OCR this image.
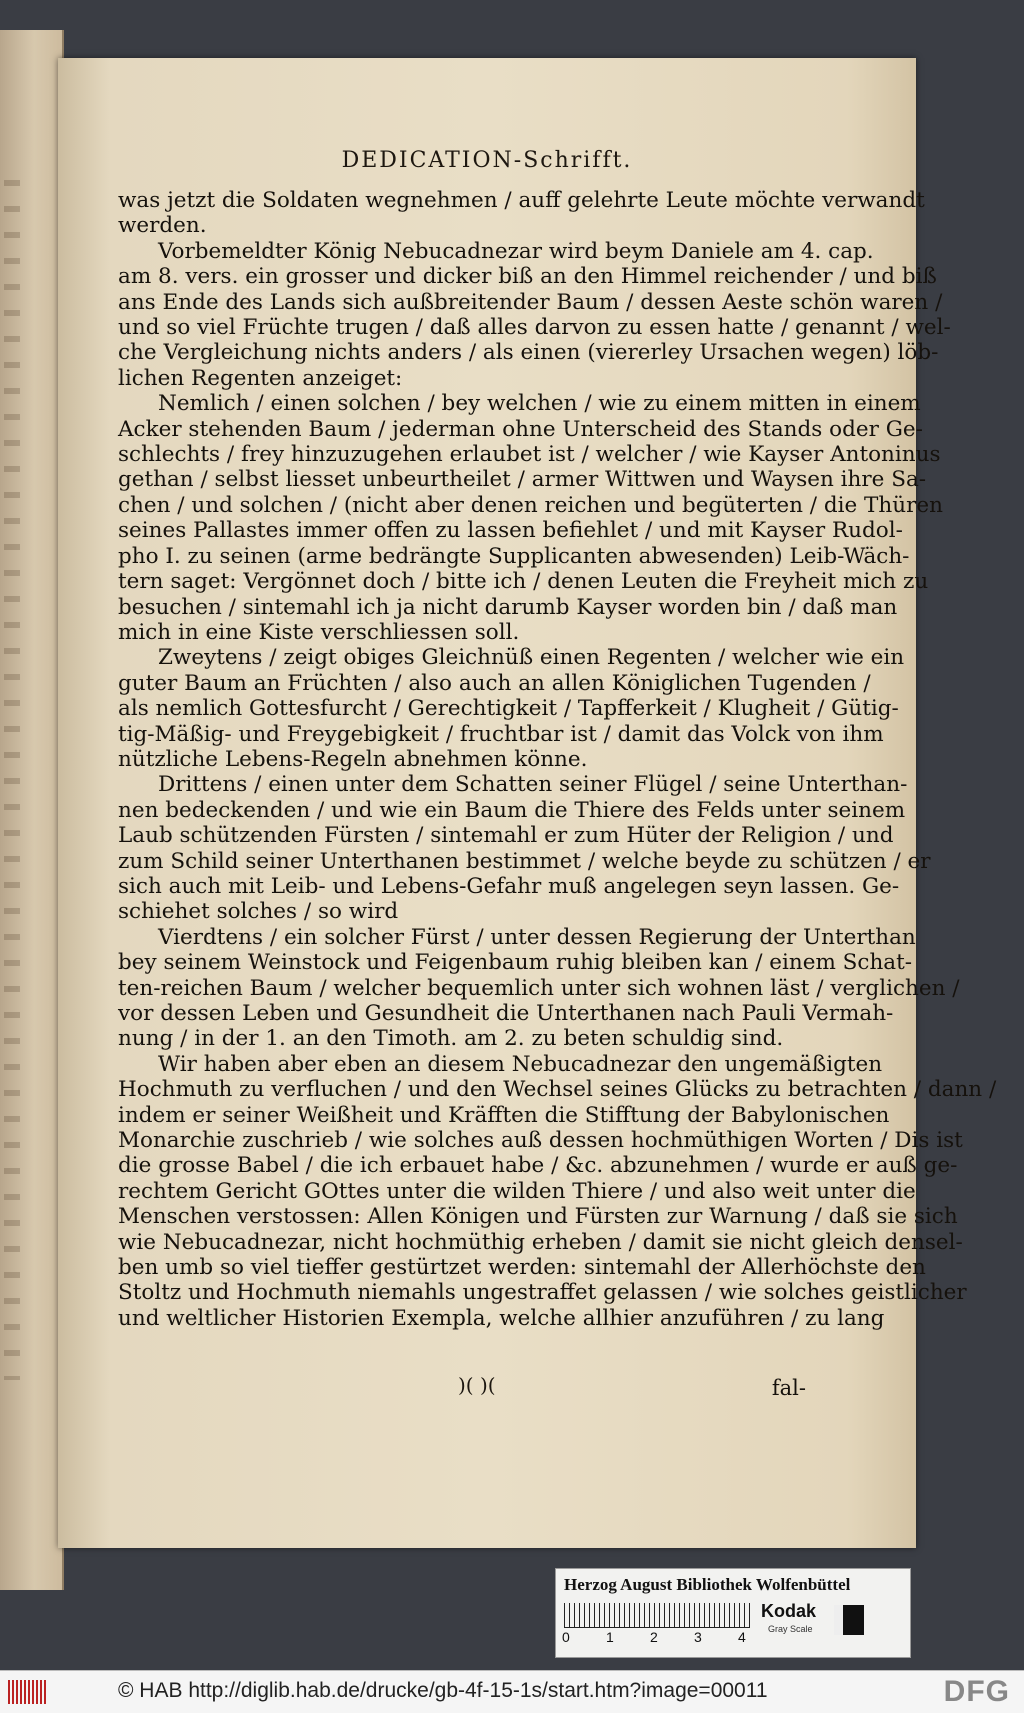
DEDICATION-Schrifft.
was jetzt die Soldaten wegnehmen / auff gelehrte Leute möchte verwandt
werden.
Vorbemeldter König Nebucadnezar wird beym Daniele am 4. cap.
am 8. vers. ein grosser und dicker biß an den Himmel reichender / und biß
ans Ende des Lands sich außbreitender Baum / dessen Aeste schön waren /
und so viel Früchte trugen / daß alles darvon zu essen hatte / genannt / wel-
che Vergleichung nichts anders / als einen (viererley Ursachen wegen) löb-
lichen Regenten anzeiget:
Nemlich / einen solchen / bey welchen / wie zu einem mitten in einem
Acker stehenden Baum / jederman ohne Unterscheid des Stands oder Ge-
schlechts / frey hinzuzugehen erlaubet ist / welcher / wie Kayser Antoninus
gethan / selbst liesset unbeurtheilet / armer Wittwen und Waysen ihre Sa-
chen / und solchen / (nicht aber denen reichen und begüterten / die Thüren
seines Pallastes immer offen zu lassen befiehlet / und mit Kayser Rudol-
pho I. zu seinen (arme bedrängte Supplicanten abwesenden) Leib-Wäch-
tern saget: Vergönnet doch / bitte ich / denen Leuten die Freyheit mich zu
besuchen / sintemahl ich ja nicht darumb Kayser worden bin / daß man
mich in eine Kiste verschliessen soll.
Zweytens / zeigt obiges Gleichnüß einen Regenten / welcher wie ein
guter Baum an Früchten / also auch an allen Königlichen Tugenden /
als nemlich Gottesfurcht / Gerechtigkeit / Tapfferkeit / Klugheit / Gütig-
tig-Mäßig- und Freygebigkeit / fruchtbar ist / damit das Volck von ihm
nützliche Lebens-Regeln abnehmen könne.
Drittens / einen unter dem Schatten seiner Flügel / seine Unterthan-
nen bedeckenden / und wie ein Baum die Thiere des Felds unter seinem
Laub schützenden Fürsten / sintemahl er zum Hüter der Religion / und
zum Schild seiner Unterthanen bestimmet / welche beyde zu schützen / er
sich auch mit Leib- und Lebens-Gefahr muß angelegen seyn lassen. Ge-
schiehet solches / so wird
Vierdtens / ein solcher Fürst / unter dessen Regierung der Unterthan
bey seinem Weinstock und Feigenbaum ruhig bleiben kan / einem Schat-
ten-reichen Baum / welcher bequemlich unter sich wohnen läst / verglichen /
vor dessen Leben und Gesundheit die Unterthanen nach Pauli Vermah-
nung / in der 1. an den Timoth. am 2. zu beten schuldig sind.
Wir haben aber eben an diesem Nebucadnezar den ungemäßigten
Hochmuth zu verfluchen / und den Wechsel seines Glücks zu betrachten / dann /
indem er seiner Weißheit und Kräfften die Stifftung der Babylonischen
Monarchie zuschrieb / wie solches auß dessen hochmüthigen Worten / Dis ist
die grosse Babel / die ich erbauet habe / &c. abzunehmen / wurde er auß ge-
rechtem Gericht GOttes unter die wilden Thiere / und also weit unter die
Menschen verstossen: Allen Königen und Fürsten zur Warnung / daß sie sich
wie Nebucadnezar, nicht hochmüthig erheben / damit sie nicht gleich densel-
ben umb so viel tieffer gestürtzet werden: sintemahl der Allerhöchste den
Stoltz und Hochmuth niemahls ungestraffet gelassen / wie solches geistlicher
und weltlicher Historien Exempla, welche allhier anzuführen / zu lang
)( )(	fal-
Herzog August Bibliothek Wolfenbüttel
0	1	2	3	4
Kodak
Gray Scale
© HAB http://diglib.hab.de/drucke/gb-4f-15-1s/start.htm?image=00011	DFG
